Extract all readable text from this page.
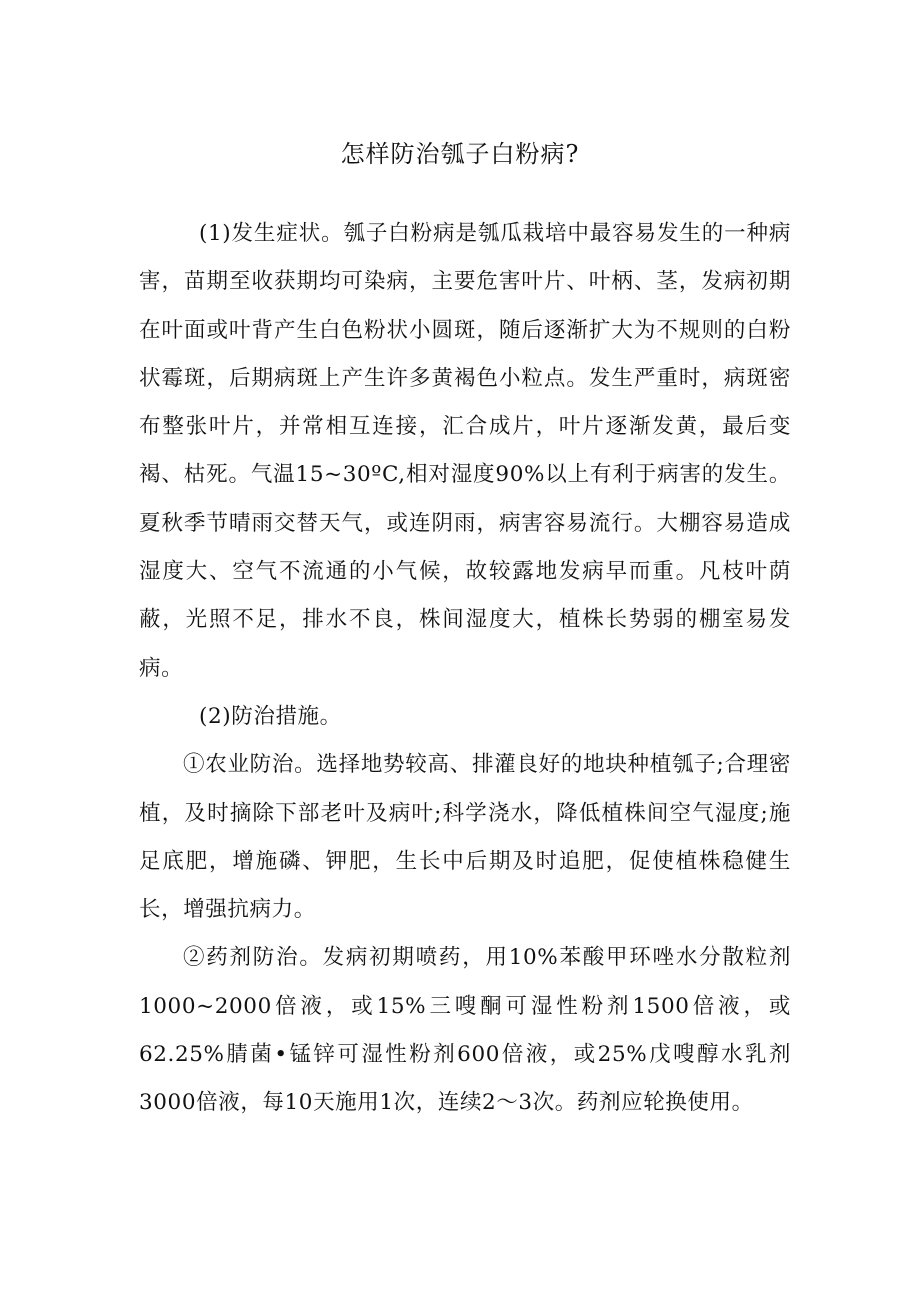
怎样防治瓠子白粉病?

(1)发生症状。瓠子白粉病是瓠瓜栽培中最容易发生的一种病害，苗期至收获期均可染病，主要危害叶片、叶柄、茎，发病初期在叶面或叶背产生白色粉状小圆斑，随后逐渐扩大为不规则的白粉状霉斑，后期病斑上产生许多黄褐色小粒点。发生严重时，病斑密布整张叶片，并常相互连接，汇合成片，叶片逐渐发黄，最后变褐、枯死。气温15~30ºC,相对湿度90%以上有利于病害的发生。夏秋季节晴雨交替天气，或连阴雨，病害容易流行。大棚容易造成湿度大、空气不流通的小气候，故较露地发病早而重。凡枝叶荫蔽，光照不足，排水不良，株间湿度大，植株长势弱的棚室易发病。

(2)防治措施。

①农业防治。选择地势较高、排灌良好的地块种植瓠子;合理密植，及时摘除下部老叶及病叶;科学浇水，降低植株间空气湿度;施足底肥，增施磷、钾肥，生长中后期及时追肥，促使植株稳健生长，增强抗病力。

②药剂防治。发病初期喷药，用10%苯酸甲环唑水分散粒剂1000~2000倍液，或15%三嗖酮可湿性粉剂1500倍液，或62.25%腈菌•锰锌可湿性粉剂600倍液，或25%戊嗖醇水乳剂3000倍液，每10天施用1次，连续2〜3次。药剂应轮换使用。
